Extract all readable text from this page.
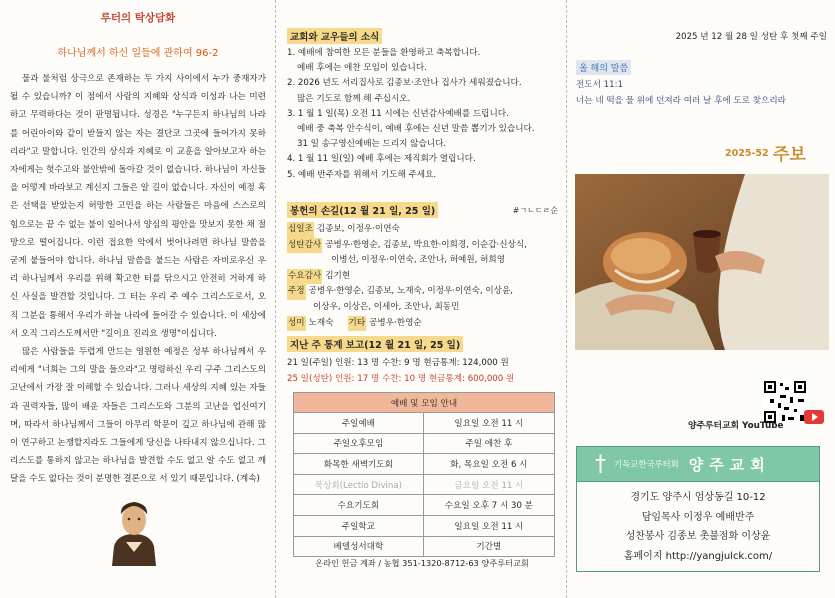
루터의 탁상담화
하나님께서 하신 일들에 관하여 96-2

물과 불처럼 상극으로 존재하는 두 가지 사이에서 누가 중재자가 될 수 있습니까? 이 점에서 사람의 지혜와 상식과 이성과 나는 미련하고 무력하다는 것이 판명됩니다. 성경은 "누구든지 하나님의 나라를 어린아이와 같이 받들지 않는 자는 결단코 그곳에 들어가지 못하리라"고 말합니다. 인간의 상식과 지혜로 이 교훈을 알아보고자 하는 자에게는 헛수고와 불안밖에 돌아갈 것이 없습니다. 하나님이 자신들을 어떻게 바라보고 계신지 그들은 알 길이 없습니다. 자신이 예정 혹은 선택을 받았는지 허망한 고민을 하는 사람들은 마음에 스스로의 힘으로는 끝 수 없는 불이 일어나서 양심의 평안을 맛보지 못한 채 절망으로 떨어집니다. 이런 접요한 악에서 벗어나려면 하나님 말씀을 굳게 붙들어야 합니다. 하나님 말씀을 붙드는 사람은 자비로우신 우리 하나님께서 우리를 위해 확고한 터를 닦으시고 안전히 거하게 하신 사실을 발견할 것입니다. 그 터는 우리 주 예수 그리스도로서, 오직 그분을 통해서 우리가 하늘 나라에 들어갈 수 있습니다. 이 세상에서 오직 그리스도께서만 "길이요 진리요 생명"이십니다.

많은 사람들을 두렵게 만드는 영원한 예정은 성부 하나님께서 우리에게 "너희는 그의 말을 들으라"고 명령하신 우리 구주 그리스도의 고난에서 가장 잘 이해할 수 있습니다. 그러나 세상의 지혜 있는 자들과 권력자들, 많이 배운 자들은 그리스도와 그분의 고난을 업신여기며, 따라서 하나님께서 그들이 아무리 학문이 깊고 하나님에 관해 많이 연구하고 논쟁할지라도 그들에게 당신을 나타내지 않으십니다. 그리스도를 통하지 않고는 하나님을 발견할 수도 없고 알 수도 없고 깨달을 수도 없다는 것이 분명한 결론으로 서 있기 때문입니다. (계속)

교회와 교우들의 소식
1. 예배에 참여한 모든 분들을 환영하고 축복합니다.
예배 후에는 애찬 모임이 있습니다.
2. 2026 년도 서리집사로 김종보·조안나 집사가 세워졌습니다.
많은 기도로 함께 해 주십시오.
3. 1 월 1 일(목) 오전 11 시에는 신년감사예배를 드립니다.
예배 중 축복 안수식이, 예배 후에는 신년 말씀 뽑기가 있습니다.
31 일 송구영신예배는 드리지 않습니다.
4. 1 월 11 일(일) 예배 후에는 제직회가 열립니다.
5. 예배 반주자를 위해서 기도해 주세요.
봉헌의 손길(12 월 21 일, 25 일)	#ㄱㄴㄷㄹ순
십일조 김종보, 이정우·이연숙
성탄감사 공병우·한영순, 김종보, 박요한·이희경, 이순갑·신상식,
이병선, 이정우·이연숙, 조안나, 허예원, 허희영
수요감사 김기현
주정 공병우·한영순, 김종보, 노재숙, 이정우·이연숙, 이상윤,
이상우, 이상은, 이세아, 조안나, 최동민
성미 노재숙 기타 공병우·한영순
지난 주 통계 보고(12 월 21 일, 25 일)
21 일(주일) 인원: 13 명 수찬: 9 명 현금통계: 124,000 원
25 일(성탄) 인원: 17 명 수찬: 10 명 현금통계: 600,000 원
예배 및 모임 안내	
주일예배	일요일 오전 11 시
주일오후모임	주일 애찬 후
화목한 새벽기도회	화, 목요일 오전 6 시
묵상회(Lectio Divina)	금요일 오전 11 시
수요기도회	수요일 오후 7 시 30 분
주일학교	일요일 오전 11 시
베델성서대학	기간별
온라인 헌금 계좌 / 농협 351-1320-8712-63 양주루터교회
2025 년 12 월 28 일 성탄 후 첫째 주일
올 해의 말씀
전도서 11:1
너는 네 떡을 물 위에 던져라 여러 날 후에 도로 찾으리라
2025-52 주보
양주루터교회 YouTube
† 기독교한국루터회 양주교회
경기도 양주시 엄상동길 10-12
담임목사 이정우 예배반주
성찬봉사 김종보 촛불점화 이상윤
홈페이지 http://yangjulck.com/
